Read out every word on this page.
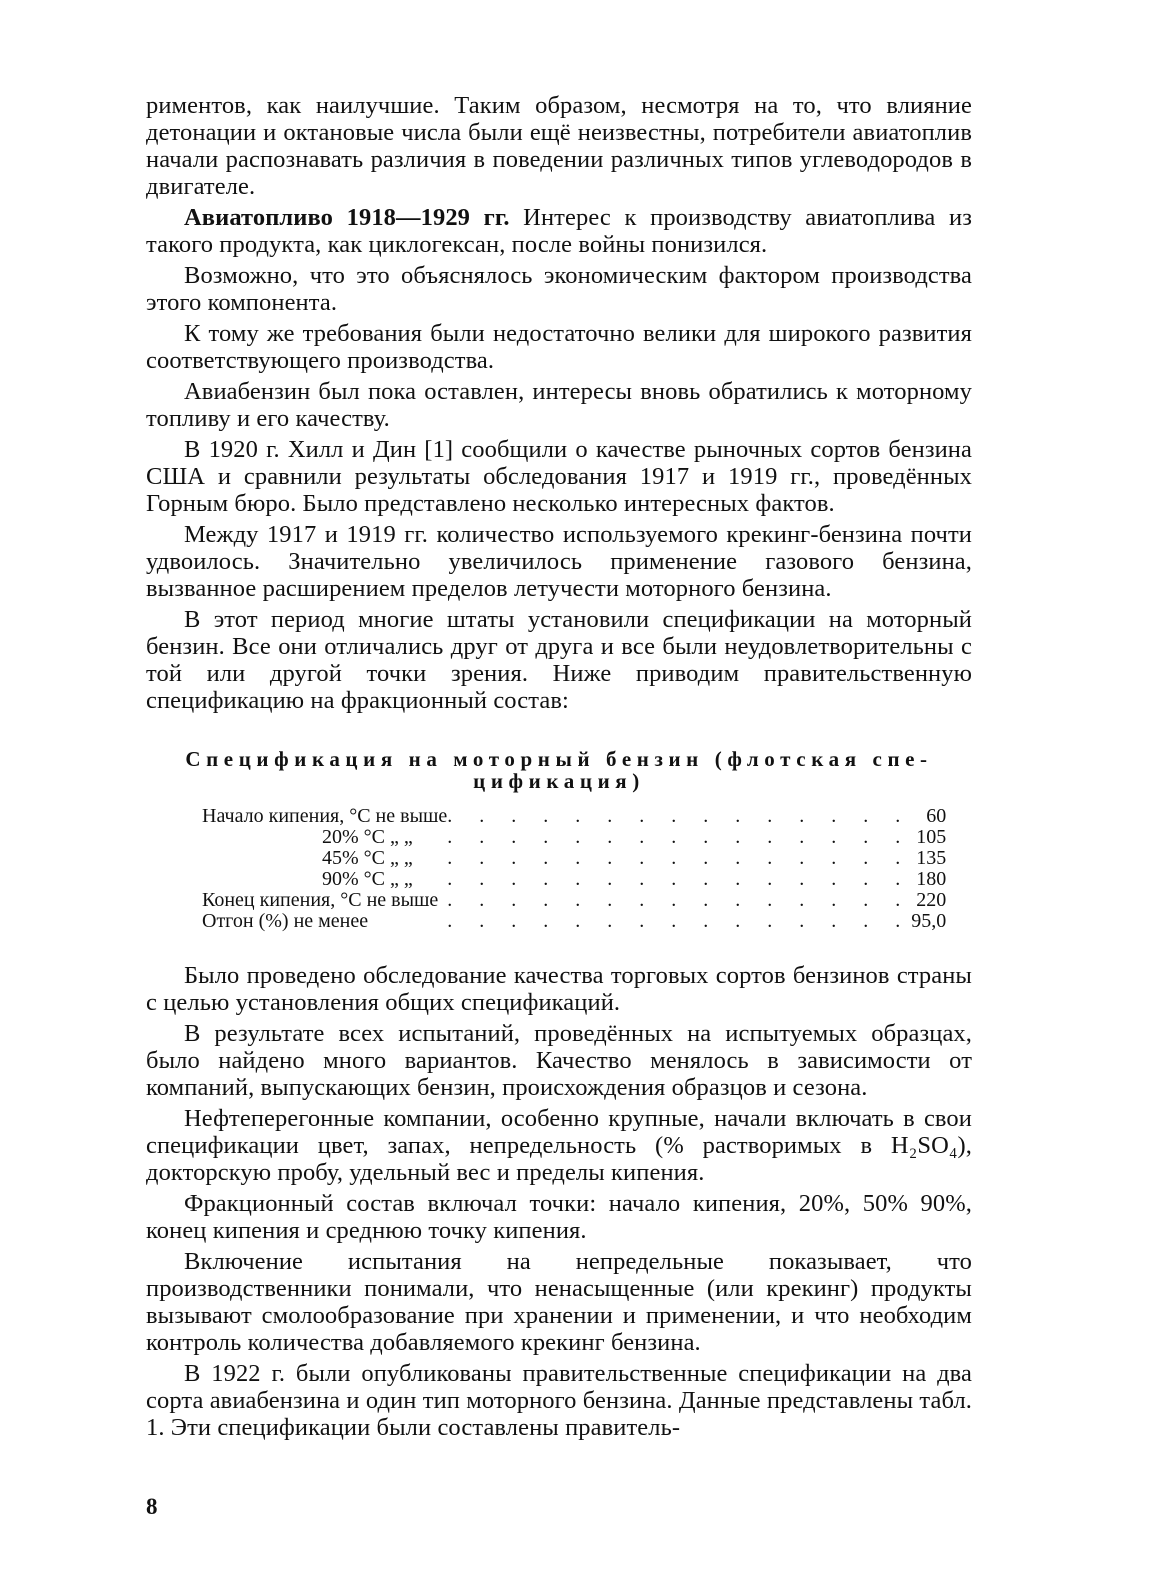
риментов, как наилучшие. Таким образом, несмотря на то, что влияние детонации и октановые числа были ещё неизвестны, потребители авиатоплив начали распознавать различия в поведении различных типов углеводородов в двигателе.

Авиатопливо 1918—1929 гг. Интерес к производству авиатоплива из такого продукта, как циклогексан, после войны понизился.

Возможно, что это объяснялось экономическим фактором производства этого компонента.

К тому же требования были недостаточно велики для широкого развития соответствующего производства.

Авиабензин был пока оставлен, интересы вновь обратились к моторному топливу и его качеству.

В 1920 г. Хилл и Дин [1] сообщили о качестве рыночных сортов бензина США и сравнили результаты обследования 1917 и 1919 гг., проведённых Горным бюро. Было представлено несколько интересных фактов.

Между 1917 и 1919 гг. количество используемого крекинг-бензина почти удвоилось. Значительно увеличилось применение газового бензина, вызванное расширением пределов летучести моторного бензина.

В этот период многие штаты установили спецификации на моторный бензин. Все они отличались друг от друга и все были неудовлетворительны с той или другой точки зрения. Ниже приводим правительственную спецификацию на фракционный состав:

Спецификация на моторный бензин (флотская спе-
цификация)
Начало кипения, °С не выше	. . . . . . . . . . . . . . .	60
20% °С „ „	. . . . . . . . . . . . . . .	105
45% °С „ „	. . . . . . . . . . . . . . .	135
90% °С „ „	. . . . . . . . . . . . . . .	180
Конец кипения, °С не выше	. . . . . . . . . . . . . . .	220
Отгон (%) не менее	. . . . . . . . . . . . . . .	95,0

Было проведено обследование качества торговых сортов бензинов страны с целью установления общих спецификаций.

В результате всех испытаний, проведённых на испытуемых образцах, было найдено много вариантов. Качество менялось в зависимости от компаний, выпускающих бензин, происхождения образцов и сезона.

Нефтеперегонные компании, особенно крупные, начали включать в свои спецификации цвет, запах, непредельность (% растворимых в H₂SO₄), докторскую пробу, удельный вес и пределы кипения.

Фракционный состав включал точки: начало кипения, 20%, 50% 90%, конец кипения и среднюю точку кипения.

Включение испытания на непредельные показывает, что производственники понимали, что ненасыщенные (или крекинг) продукты вызывают смолообразование при хранении и применении, и что необходим контроль количества добавляемого крекинг бензина.

В 1922 г. были опубликованы правительственные спецификации на два сорта авиабензина и один тип моторного бензина. Данные представлены табл. 1. Эти спецификации были составлены правитель-

8
